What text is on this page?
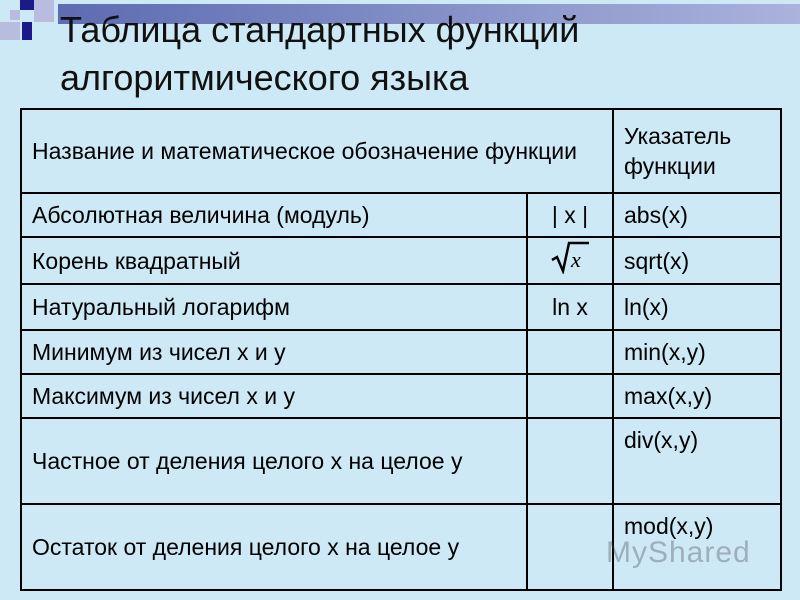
Таблица стандартных функций алгоритмического языка
Название и математическое обозначение функции		Указатель функции
Абсолютная величина (модуль)	| x |	abs(x)
Корень квадратный	x	sqrt(x)
Натуральный логарифм	ln x	ln(x)
Минимум из чисел x и y		min(x,y)
Максимум из чисел x и y		max(x,y)
Частное от деления целого x на целое y		div(x,y)
Остаток от деления целого x на целое y		mod(x,y)
MyShared
